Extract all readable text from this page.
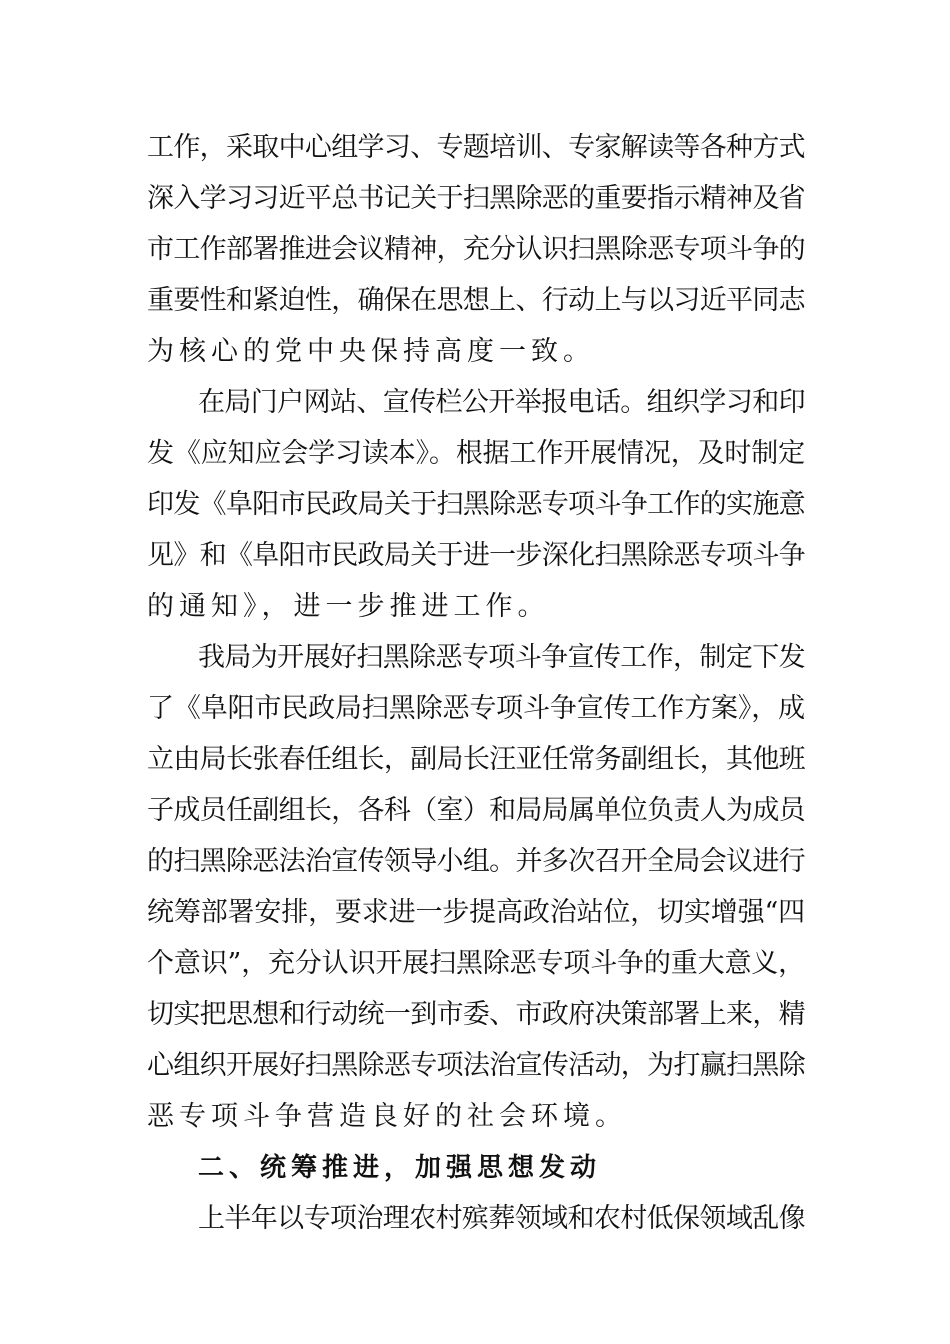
工作，采取中心组学习、专题培训、专家解读等各种方式
深入学习习近平总书记关于扫黑除恶的重要指示精神及省
市工作部署推进会议精神，充分认识扫黑除恶专项斗争的
重要性和紧迫性，确保在思想上、行动上与以习近平同志
为核心的党中央保持高度一致。
在局门户网站、宣传栏公开举报电话。组织学习和印
发《应知应会学习读本》。根据工作开展情况，及时制定
印发《阜阳市民政局关于扫黑除恶专项斗争工作的实施意
见》和《阜阳市民政局关于进一步深化扫黑除恶专项斗争
的通知》，进一步推进工作。
我局为开展好扫黑除恶专项斗争宣传工作，制定下发
了《阜阳市民政局扫黑除恶专项斗争宣传工作方案》，成
立由局长张春任组长，副局长汪亚任常务副组长，其他班
子成员任副组长，各科（室）和局局属单位负责人为成员
的扫黑除恶法治宣传领导小组。并多次召开全局会议进行
统筹部署安排，要求进一步提高政治站位，切实增强“四
个意识”，充分认识开展扫黑除恶专项斗争的重大意义，
切实把思想和行动统一到市委、市政府决策部署上来，精
心组织开展好扫黑除恶专项法治宣传活动，为打赢扫黑除
恶专项斗争营造良好的社会环境。
二、统筹推进，加强思想发动
上半年以专项治理农村殡葬领域和农村低保领域乱像
